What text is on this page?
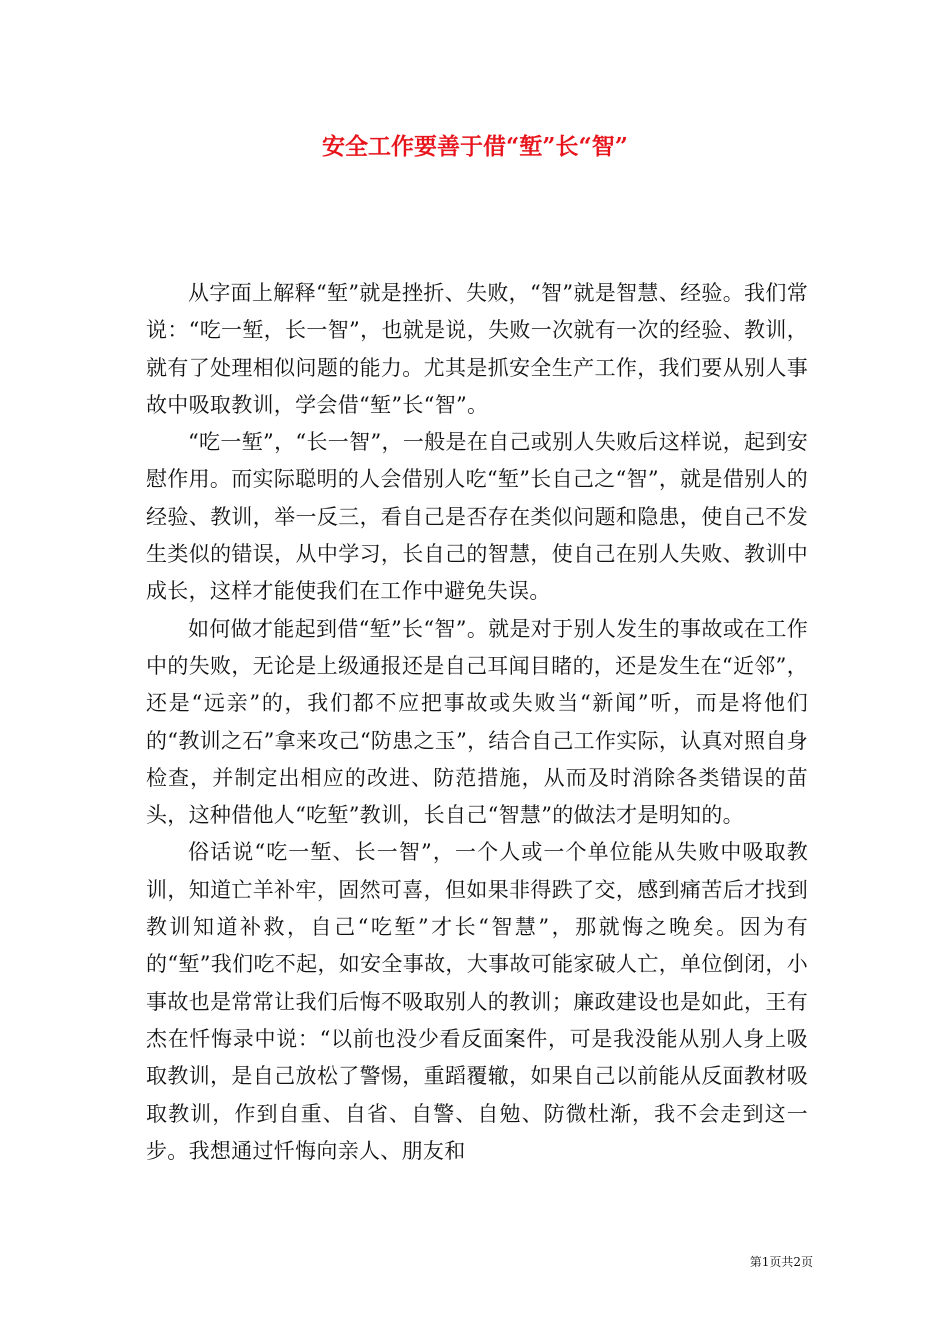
安全工作要善于借“堑”长“智”

从字面上解释“堑”就是挫折、失败，“智”就是智慧、经验。我们常说：“吃一堑，长一智”，也就是说，失败一次就有一次的经验、教训，就有了处理相似问题的能力。尤其是抓安全生产工作，我们要从别人事故中吸取教训，学会借“堑”长“智”。

“吃一堑”，“长一智”，一般是在自己或别人失败后这样说，起到安慰作用。而实际聪明的人会借别人吃“堑”长自己之“智”，就是借别人的经验、教训，举一反三，看自己是否存在类似问题和隐患，使自己不发生类似的错误，从中学习，长自己的智慧，使自己在别人失败、教训中成长，这样才能使我们在工作中避免失误。

如何做才能起到借“堑”长“智”。就是对于别人发生的事故或在工作中的失败，无论是上级通报还是自己耳闻目睹的，还是发生在“近邻”，还是“远亲”的，我们都不应把事故或失败当“新闻”听，而是将他们的“教训之石”拿来攻己“防患之玉”，结合自己工作实际，认真对照自身检查，并制定出相应的改进、防范措施，从而及时消除各类错误的苗头，这种借他人“吃堑”教训，长自己“智慧”的做法才是明知的。

俗话说“吃一堑、长一智”，一个人或一个单位能从失败中吸取教训，知道亡羊补牢，固然可喜，但如果非得跌了交，感到痛苦后才找到教训知道补救，自己“吃堑”才长“智慧”，那就悔之晚矣。因为有的“堑”我们吃不起，如安全事故，大事故可能家破人亡，单位倒闭，小事故也是常常让我们后悔不吸取别人的教训；廉政建设也是如此，王有杰在忏悔录中说：“以前也没少看反面案件，可是我没能从别人身上吸取教训，是自己放松了警惕，重蹈覆辙，如果自己以前能从反面教材吸取教训，作到自重、自省、自警、自勉、防微杜渐，我不会走到这一步。我想通过忏悔向亲人、朋友和

第1页共2页
